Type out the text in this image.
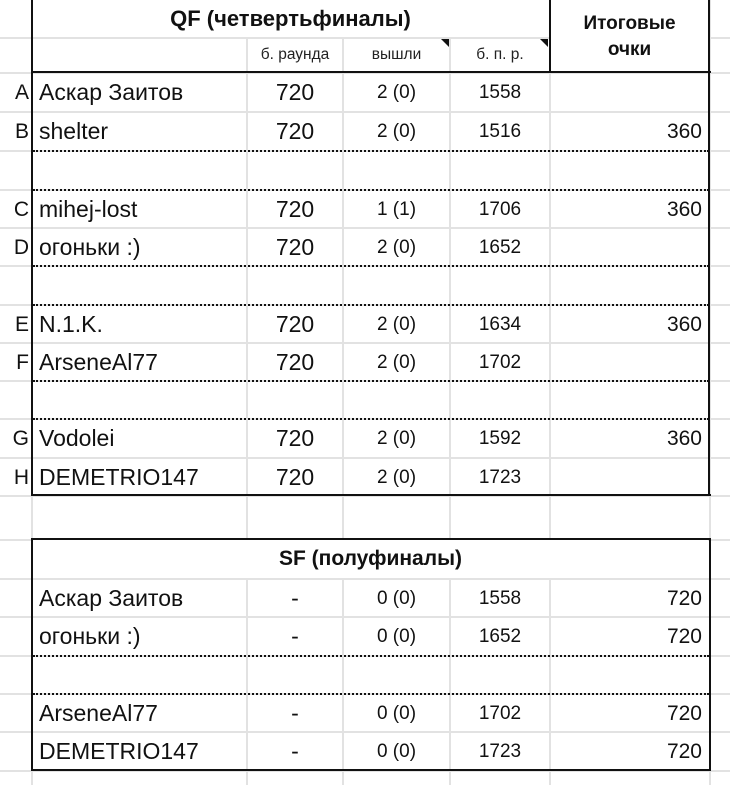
QF (четвертьфиналы)	Итоговые
очки
б. раунда	вышли	б. п. р.
A Аскар Заитов	720	2 (0)	1558
B shelter	720	2 (0)	1516	360
C mihej-lost	720	1 (1)	1706	360
D огоньки :)	720	2 (0)	1652
E N.1.K.	720	2 (0)	1634	360
F ArseneAl77	720	2 (0)	1702
G Vodolei	720	2 (0)	1592	360
H DEMETRIO147	720	2 (0)	1723
SF (полуфиналы)
Аскар Заитов	-	0 (0)	1558	720
огоньки :)	-	0 (0)	1652	720
ArseneAl77	-	0 (0)	1702	720
DEMETRIO147	-	0 (0)	1723	720
